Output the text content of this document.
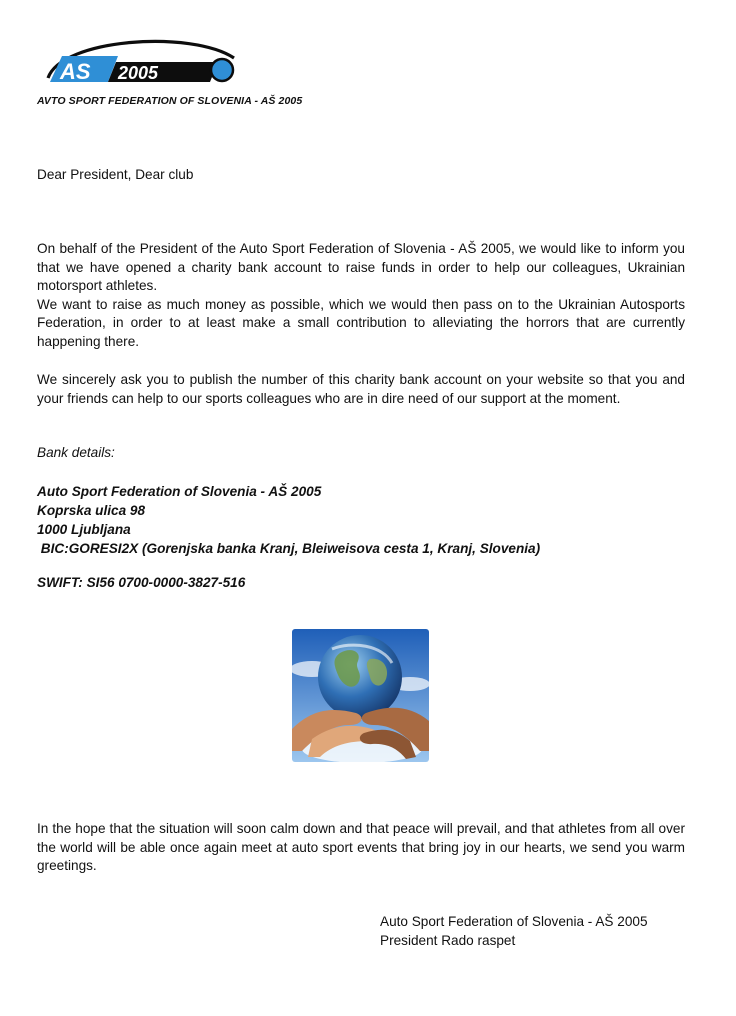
AS 2005
AVTO SPORT FEDERATION OF SLOVENIA - AŠ 2005
Dear President, Dear club
On behalf of the President of the Auto Sport Federation of Slovenia - AŠ 2005, we would like to inform you that we have opened a charity bank account to raise funds in order to help our colleagues, Ukrainian motorsport athletes.
We want to raise as much money as possible, which we would then pass on to the Ukrainian Autosports Federation, in order to at least make a small contribution to alleviating the horrors that are currently happening there.
We sincerely ask you to publish the number of this charity bank account on your website so that you and your friends can help to our sports colleagues who are in dire need of our support at the moment.
Bank details:
Auto Sport Federation of Slovenia - AŠ 2005
Koprska ulica 98
1000 Ljubljana
BIC:GORESI2X (Gorenjska banka Kranj, Bleiweisova cesta 1, Kranj, Slovenia)
SWIFT: SI56 0700-0000-3827-516
In the hope that the situation will soon calm down and that peace will prevail, and that athletes from all over the world will be able once again meet at auto sport events that bring joy in our hearts, we send you warm greetings.
Auto Sport Federation of Slovenia - AŠ 2005
President Rado raspet
